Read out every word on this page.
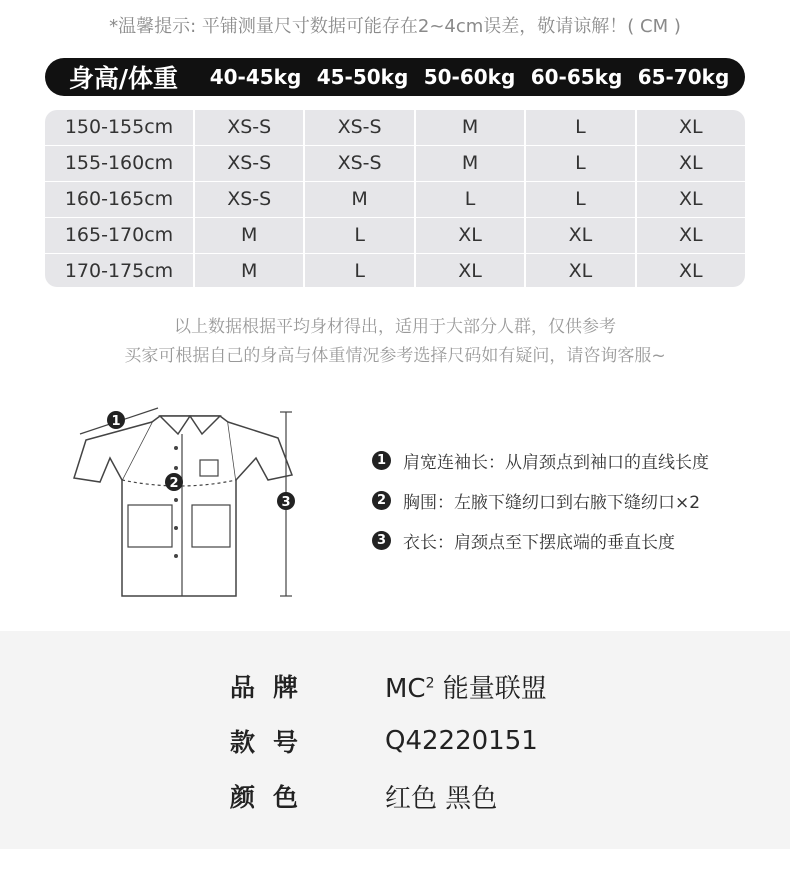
*温馨提示: 平铺测量尺寸数据可能存在2~4cm误差，敬请谅解！( CM )
身高/体重	40-45kg 45-50kg 50-60kg 60-65kg 65-70kg
150-155cm	XS-S	XS-S	M	L	XL
155-160cm	XS-S	XS-S	M	L	XL
160-165cm	XS-S	M	L	L	XL
165-170cm	M	L	XL	XL	XL
170-175cm	M	L	XL	XL	XL
以上数据根据平均身材得出，适用于大部分人群，仅供参考
买家可根据自己的身高与体重情况参考选择尺码如有疑问，请咨询客服~
1
2
3
1 肩宽连袖长：从肩颈点到袖口的直线长度
2 胸围：左腋下缝纫口到右腋下缝纫口×2
3 衣长：肩颈点至下摆底端的垂直长度
品牌	$MC^2$ 能量联盟
款号	Q42220151
颜色	红色 黑色
